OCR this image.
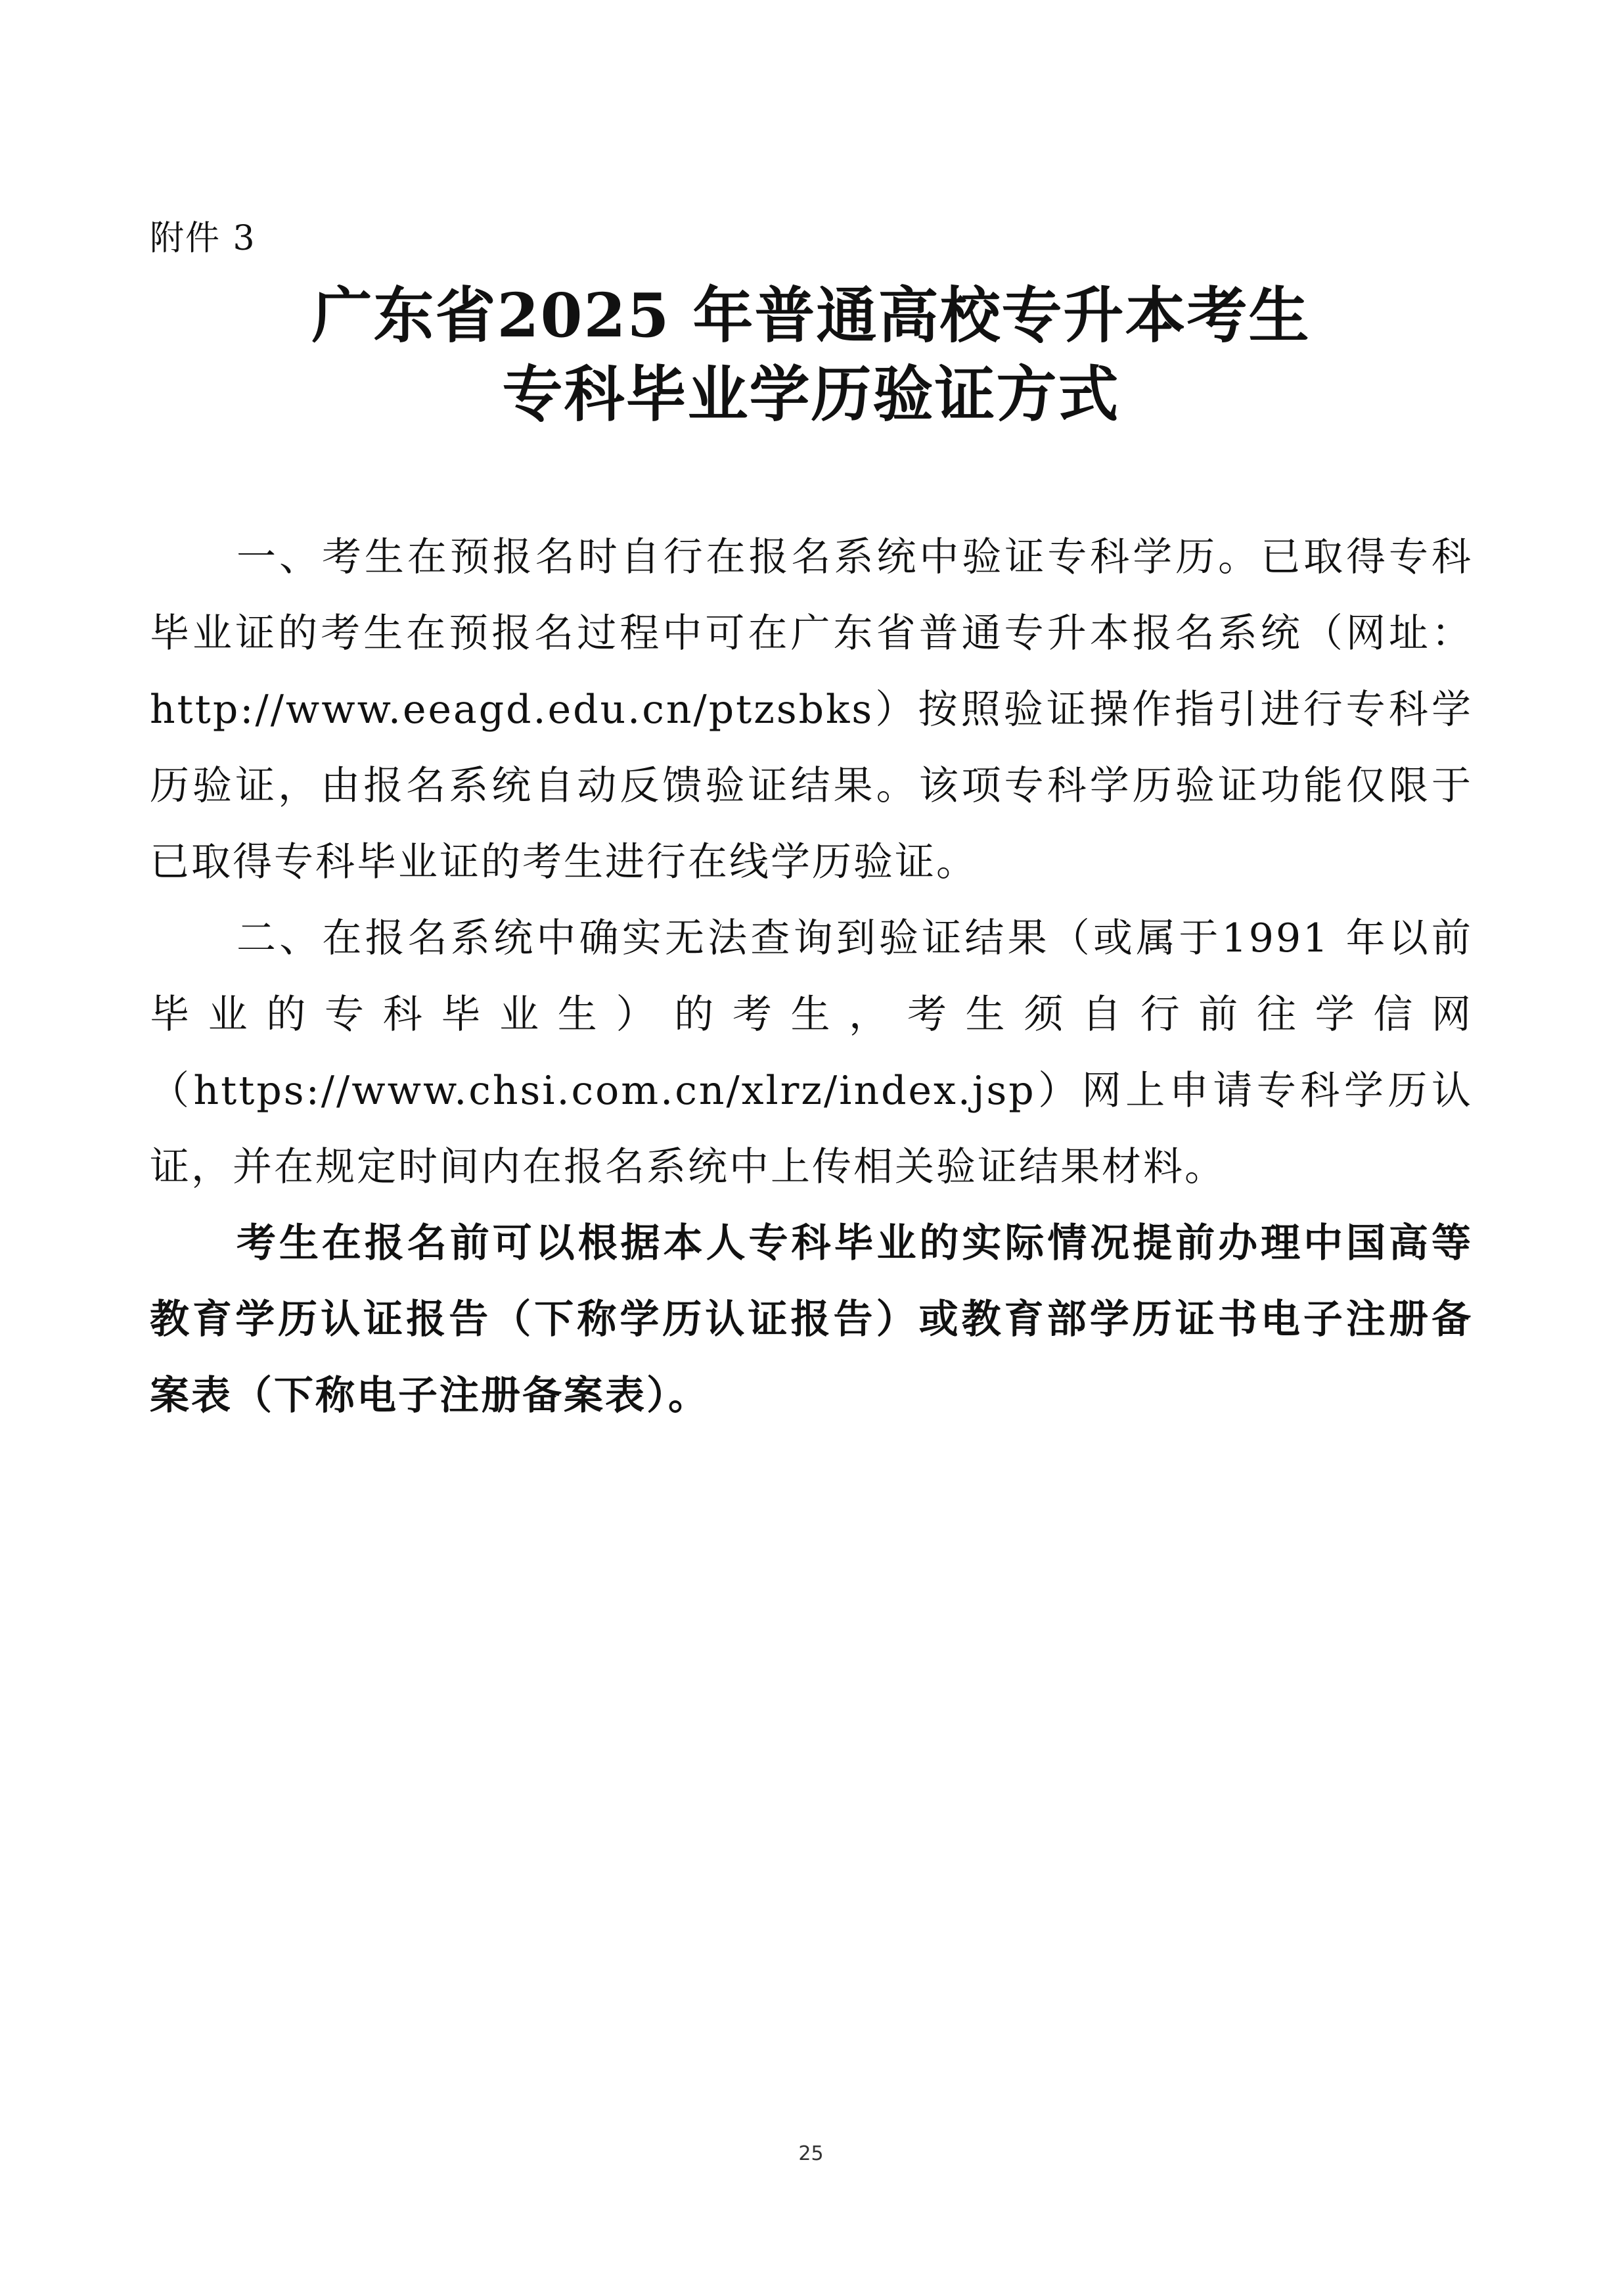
附件 3
广东省2025 年普通高校专升本考生
专科毕业学历验证方式

一、考生在预报名时自行在报名系统中验证专科学历。已取得专科毕业证的考生在预报名过程中可在广东省普通专升本报名系统（网址：http://www.eeagd.edu.cn/ptzsbks）按照验证操作指引进行专科学历验证，由报名系统自动反馈验证结果。该项专科学历验证功能仅限于已取得专科毕业证的考生进行在线学历验证。

二、在报名系统中确实无法查询到验证结果（或属于1991 年以前毕业的专科毕业生）的考生，考生须自行前往学信网（https://www.chsi.com.cn/xlrz/index.jsp）网上申请专科学历认证，并在规定时间内在报名系统中上传相关验证结果材料。

考生在报名前可以根据本人专科毕业的实际情况提前办理中国高等教育学历认证报告（下称学历认证报告）或教育部学历证书电子注册备案表（下称电子注册备案表）。

25
